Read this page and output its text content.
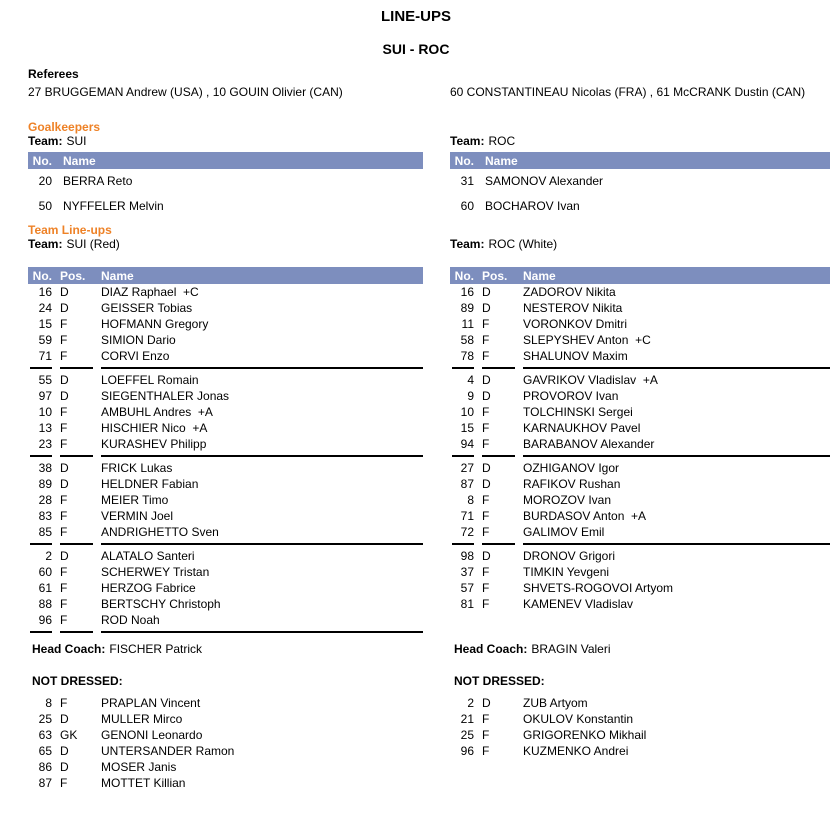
LINE-UPS
SUI - ROC
Referees
27 BRUGGEMAN Andrew (USA) , 10 GOUIN Olivier (CAN)	60 CONSTANTINEAU Nicolas (FRA) , 61 McCRANK Dustin (CAN)
Goalkeepers
Team: SUI
No. Name
20 BERRA Reto
50 NYFFELER Melvin
Team: ROC
No. Name
31 SAMONOV Alexander
60 BOCHAROV Ivan
Team Line-ups
Team: SUI (Red)
No. Pos.	Name
16 D	DIAZ Raphael  +C
24 D	GEISSER Tobias
15 F	HOFMANN Gregory
59 F	SIMION Dario
71 F	CORVI Enzo
55 D	LOEFFEL Romain
97 D	SIEGENTHALER Jonas
10 F	AMBUHL Andres  +A
13 F	HISCHIER Nico  +A
23 F	KURASHEV Philipp
38 D	FRICK Lukas
89 D	HELDNER Fabian
28 F	MEIER Timo
83 F	VERMIN Joel
85 F	ANDRIGHETTO Sven
2 D	ALATALO Santeri
60 F	SCHERWEY Tristan
61 F	HERZOG Fabrice
88 F	BERTSCHY Christoph
96 F	ROD Noah
Head Coach: FISCHER Patrick
NOT DRESSED:
8 F	PRAPLAN Vincent
25 D	MULLER Mirco
63 GK	GENONI Leonardo
65 D	UNTERSANDER Ramon
86 D	MOSER Janis
87 F	MOTTET Killian
Team: ROC (White)
No. Pos.	Name
16 D	ZADOROV Nikita
89 D	NESTEROV Nikita
11 F	VORONKOV Dmitri
58 F	SLEPYSHEV Anton  +C
78 F	SHALUNOV Maxim
4 D	GAVRIKOV Vladislav  +A
9 D	PROVOROV Ivan
10 F	TOLCHINSKI Sergei
15 F	KARNAUKHOV Pavel
94 F	BARABANOV Alexander
27 D	OZHIGANOV Igor
87 D	RAFIKOV Rushan
8 F	MOROZOV Ivan
71 F	BURDASOV Anton  +A
72 F	GALIMOV Emil
98 D	DRONOV Grigori
37 F	TIMKIN Yevgeni
57 F	SHVETS-ROGOVOI Artyom
81 F	KAMENEV Vladislav
Head Coach: BRAGIN Valeri
NOT DRESSED:
2 D	ZUB Artyom
21 F	OKULOV Konstantin
25 F	GRIGORENKO Mikhail
96 F	KUZMENKO Andrei
